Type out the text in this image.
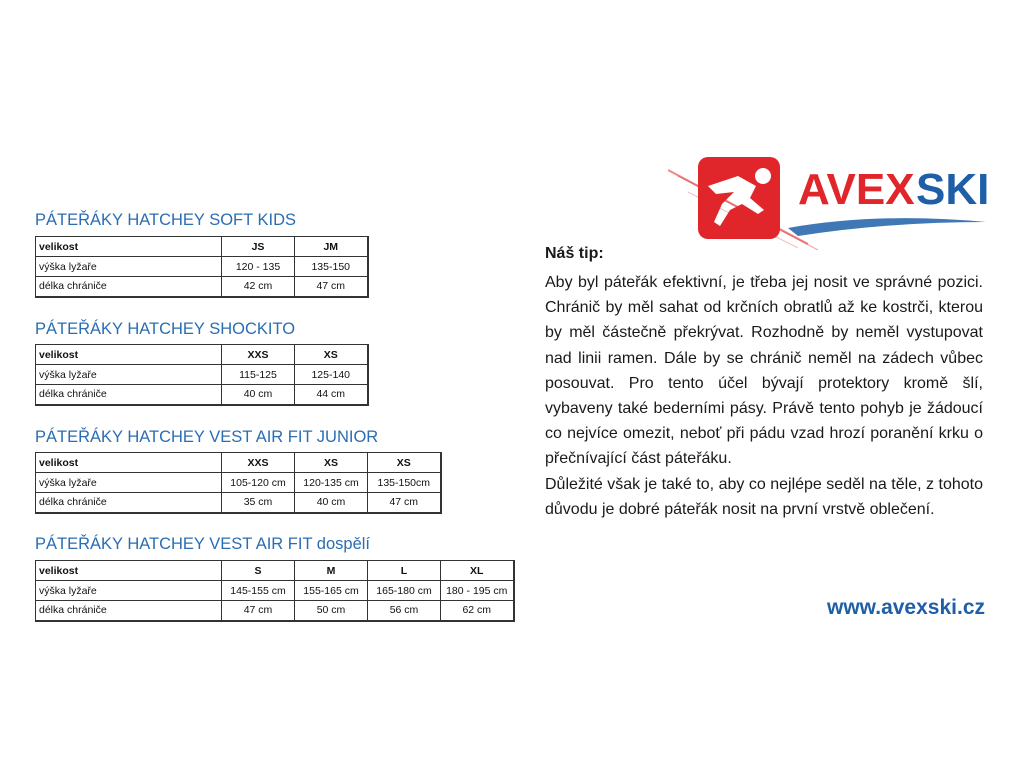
PÁTEŘÁKY HATCHEY SOFT KIDS
velikost	JS	JM
výška lyžaře	120 - 135	135-150
délka chrániče	42 cm	47 cm
PÁTEŘÁKY HATCHEY SHOCKITO
velikost	XXS	XS
výška lyžaře	115-125	125-140
délka chrániče	40 cm	44 cm
PÁTEŘÁKY HATCHEY VEST AIR FIT JUNIOR
velikost	XXS	XS	XS
výška lyžaře	105-120 cm	120-135 cm	135-150cm
délka chrániče	35 cm	40 cm	47 cm
PÁTEŘÁKY HATCHEY VEST AIR FIT dospělí
velikost	S	M	L	XL
výška lyžaře	145-155 cm	155-165 cm	165-180 cm	180 - 195 cm
délka chrániče	47 cm	50 cm	56 cm	62 cm
AVEX SKI
Náš tip:

Aby byl páteřák efektivní, je třeba jej nosit ve správné pozici. Chránič by měl sahat od krčních obratlů až ke kostrči, kterou by měl částečně překrývat. Rozhodně by neměl vystupovat nad linii ramen. Dále by se chránič neměl na zádech vůbec posouvat. Pro tento účel bývají protektory kromě šlí, vybaveny také bederními pásy. Právě tento pohyb je žádoucí co nejvíce omezit, neboť při pádu vzad hrozí poranění krku o přečnívající část páteřáku.

Důležité však je také to, aby co nejlépe seděl na těle, z tohoto důvodu je dobré páteřák nosit na první vrstvě oblečení.

www.avexski.cz
